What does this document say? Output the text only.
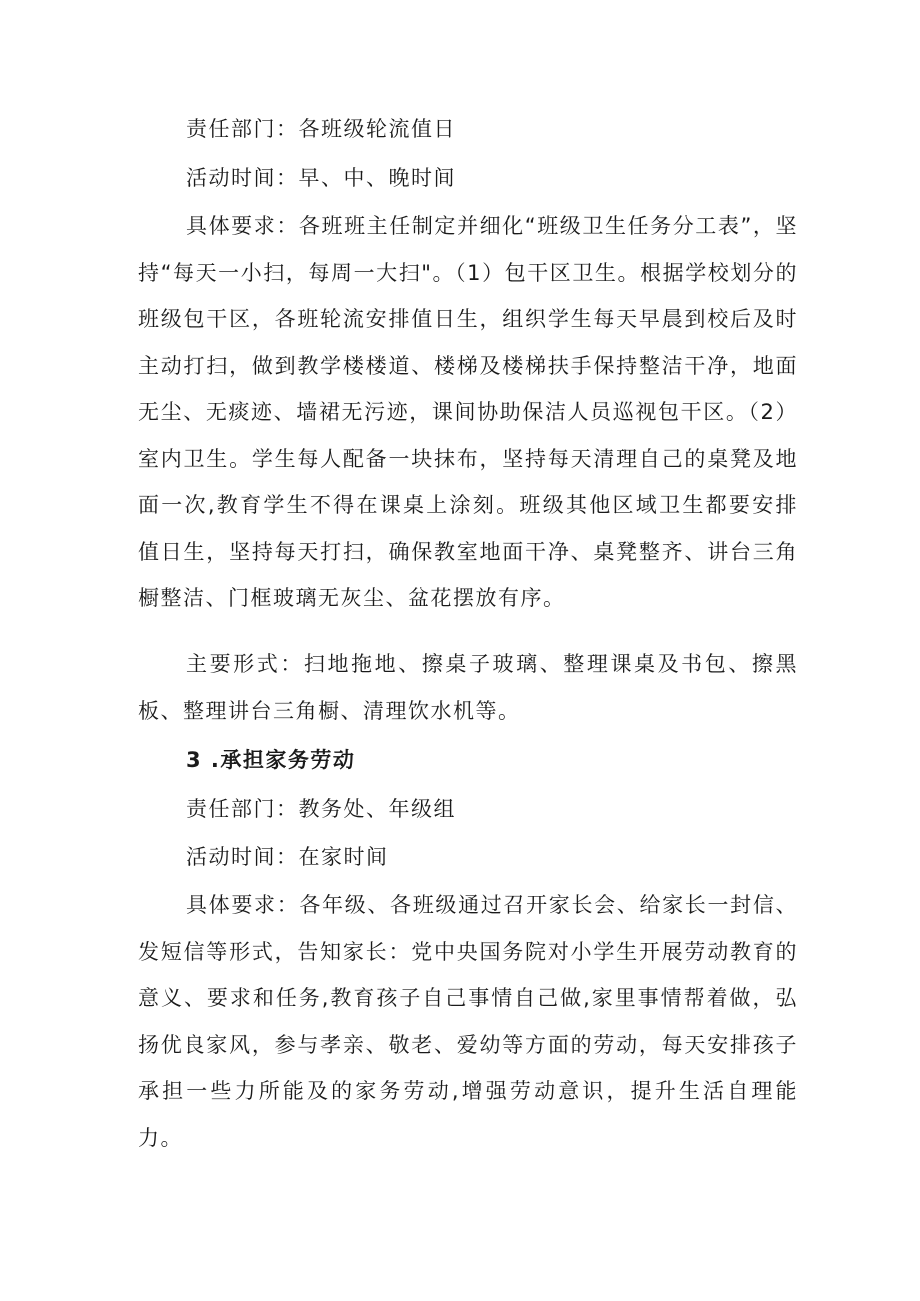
责任部门：各班级轮流值日

活动时间：早、中、晚时间

具体要求：各班班主任制定并细化“班级卫生任务分工表”，坚持“每天一小扫，每周一大扫"。（1）包干区卫生。根据学校划分的班级包干区，各班轮流安排值日生，组织学生每天早晨到校后及时主动打扫，做到教学楼楼道、楼梯及楼梯扶手保持整洁干净，地面无尘、无痰迹、墙裙无污迹，课间协助保洁人员巡视包干区。（2）室内卫生。学生每人配备一块抹布，坚持每天清理自己的桌凳及地面一次,教育学生不得在课桌上涂刻。班级其他区域卫生都要安排值日生，坚持每天打扫，确保教室地面干净、桌凳整齐、讲台三角橱整洁、门框玻璃无灰尘、盆花摆放有序。

主要形式：扫地拖地、擦桌子玻璃、整理课桌及书包、擦黑板、整理讲台三角橱、清理饮水机等。

3 .承担家务劳动

责任部门：教务处、年级组

活动时间：在家时间

具体要求：各年级、各班级通过召开家长会、给家长一封信、发短信等形式，告知家长：党中央国务院对小学生开展劳动教育的意义、要求和任务,教育孩子自己事情自己做,家里事情帮着做，弘扬优良家风，参与孝亲、敬老、爱幼等方面的劳动，每天安排孩子承担一些力所能及的家务劳动,增强劳动意识，提升生活自理能力。
